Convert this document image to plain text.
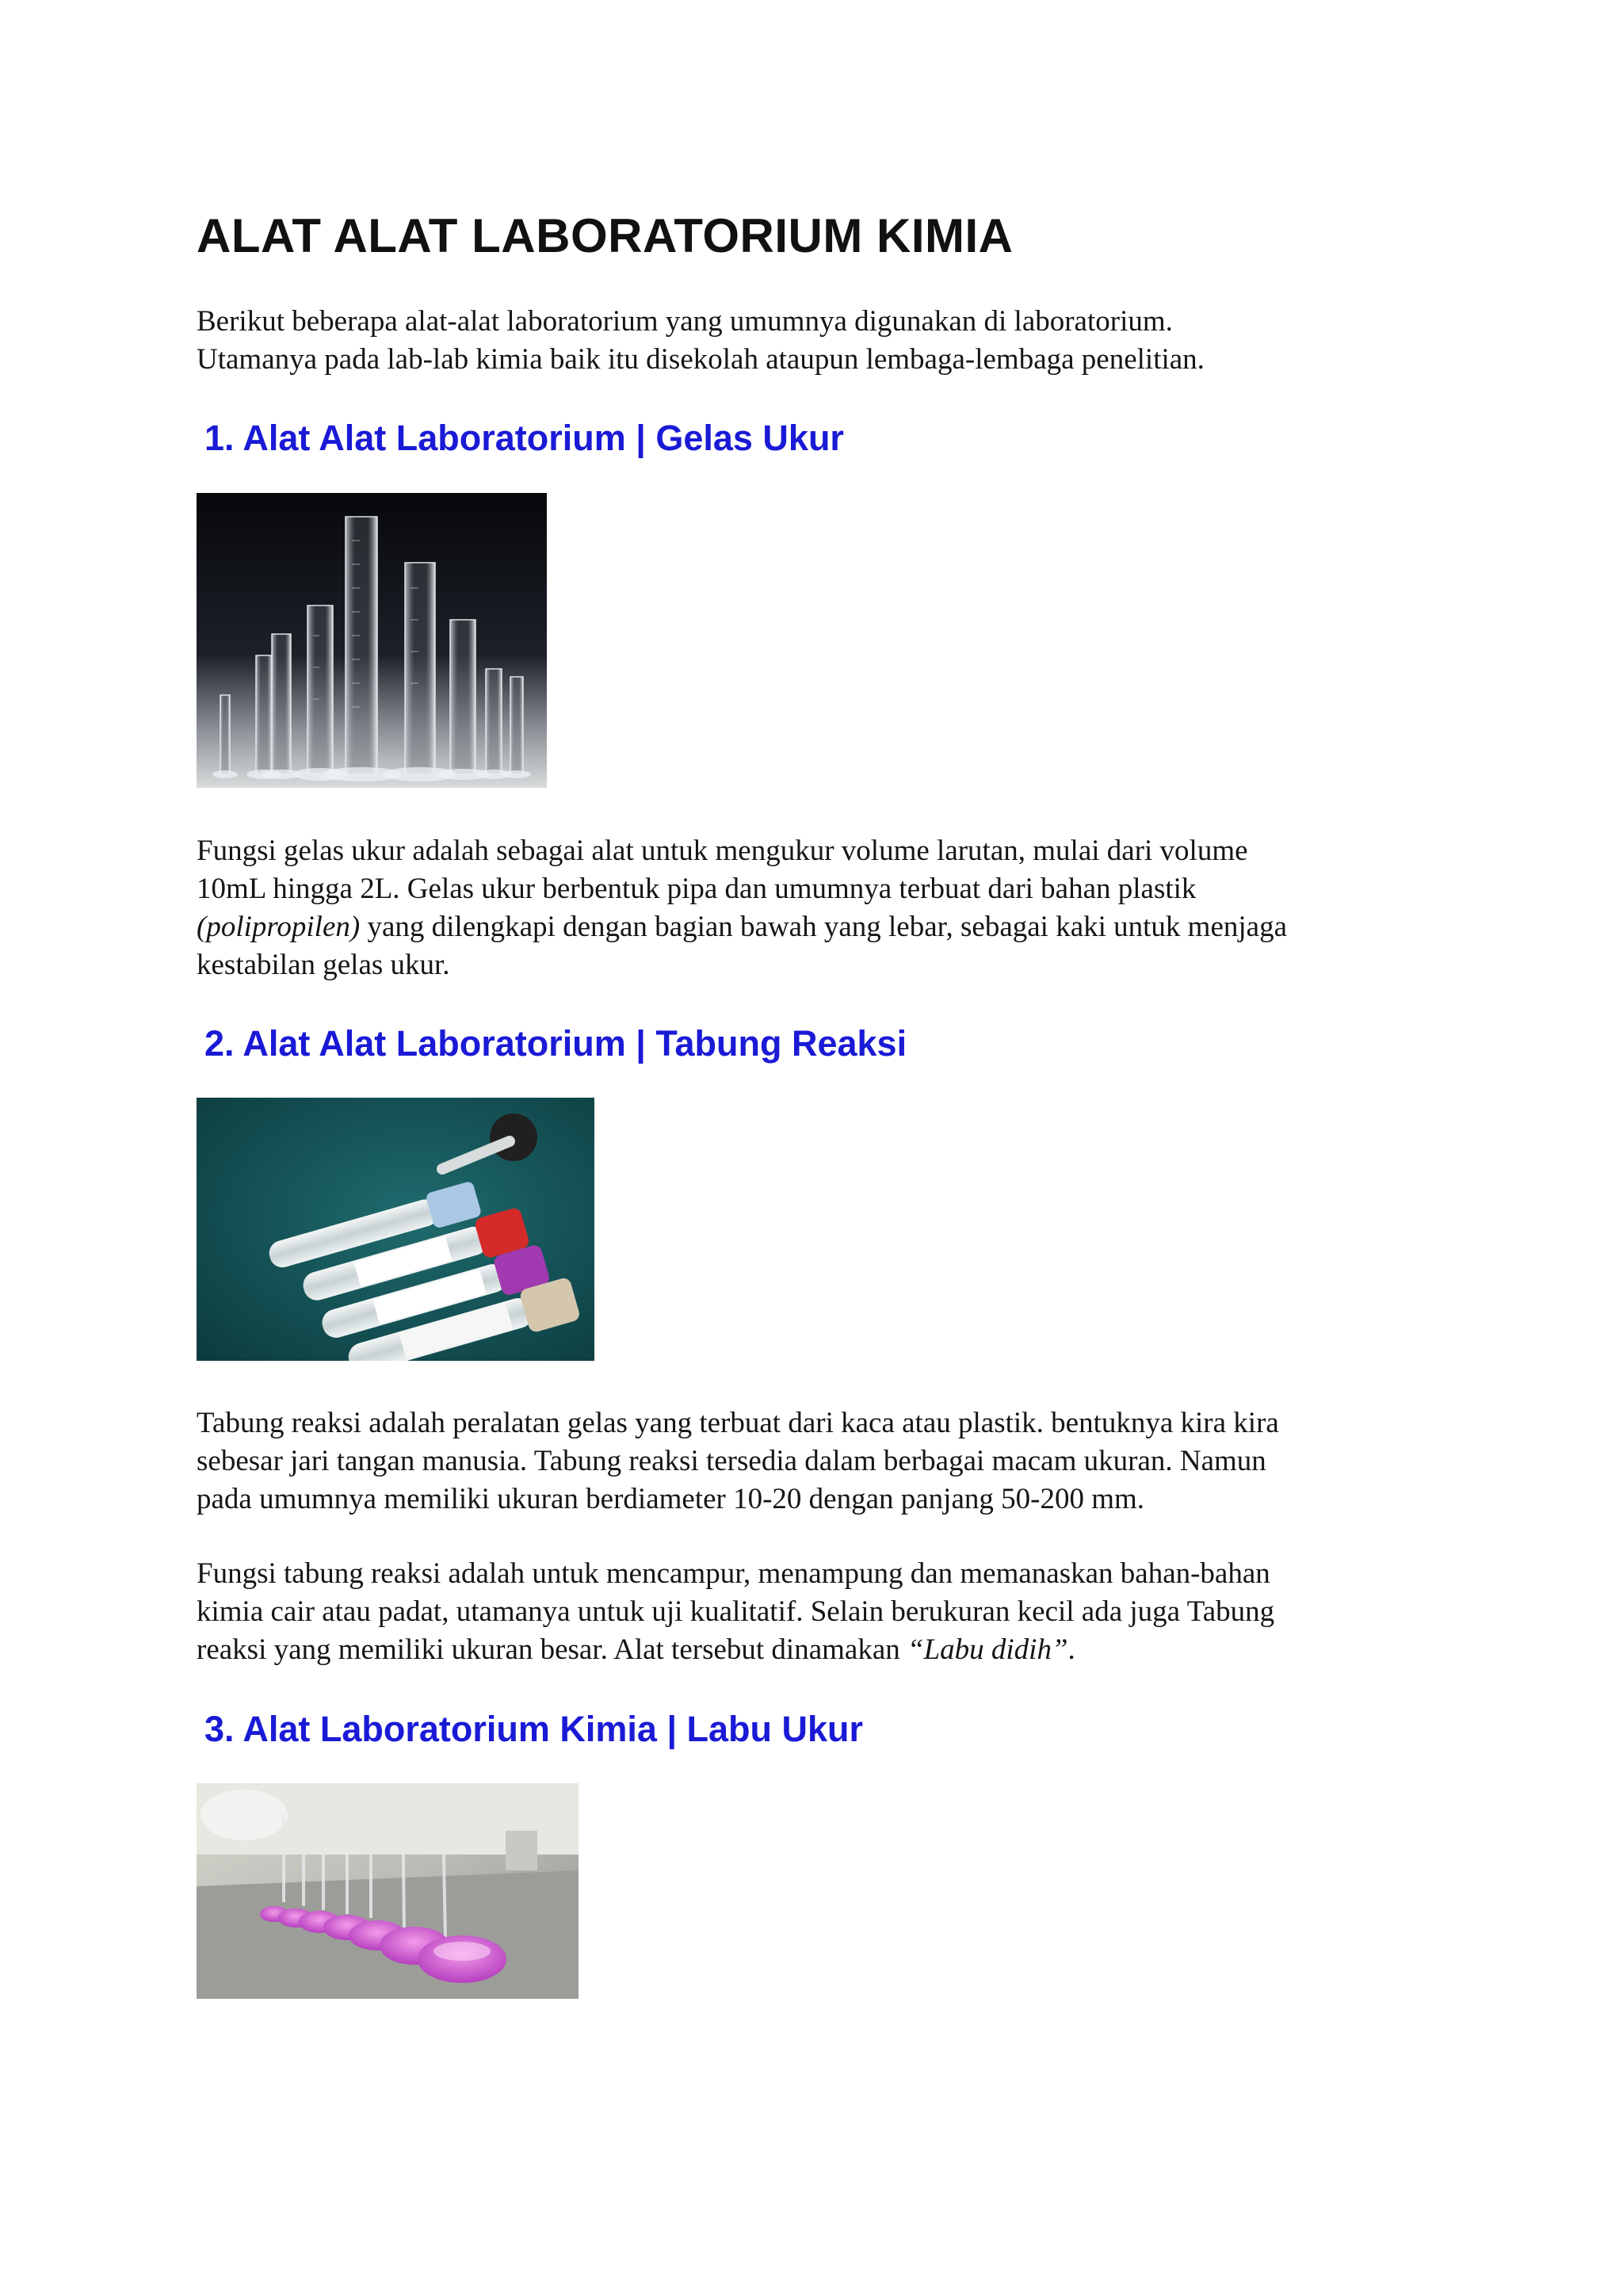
ALAT ALAT LABORATORIUM KIMIA
Berikut beberapa alat-alat laboratorium yang umumnya digunakan di laboratorium.
Utamanya pada lab-lab kimia baik itu disekolah ataupun lembaga-lembaga penelitian.
1. Alat Alat Laboratorium | Gelas Ukur
Fungsi gelas ukur adalah sebagai alat untuk mengukur volume larutan, mulai dari volume
10mL hingga 2L. Gelas ukur berbentuk pipa dan umumnya terbuat dari bahan plastik
(polipropilen) yang dilengkapi dengan bagian bawah yang lebar, sebagai kaki untuk menjaga
kestabilan gelas ukur.
2. Alat Alat Laboratorium | Tabung Reaksi
Tabung reaksi adalah peralatan gelas yang terbuat dari kaca atau plastik. bentuknya kira kira
sebesar jari tangan manusia. Tabung reaksi tersedia dalam berbagai macam ukuran. Namun
pada umumnya memiliki ukuran berdiameter 10-20 dengan panjang 50-200 mm.
Fungsi tabung reaksi adalah untuk mencampur, menampung dan memanaskan bahan-bahan
kimia cair atau padat, utamanya untuk uji kualitatif. Selain berukuran kecil ada juga Tabung
reaksi yang memiliki ukuran besar. Alat tersebut dinamakan “Labu didih”.
3. Alat Laboratorium Kimia | Labu Ukur
